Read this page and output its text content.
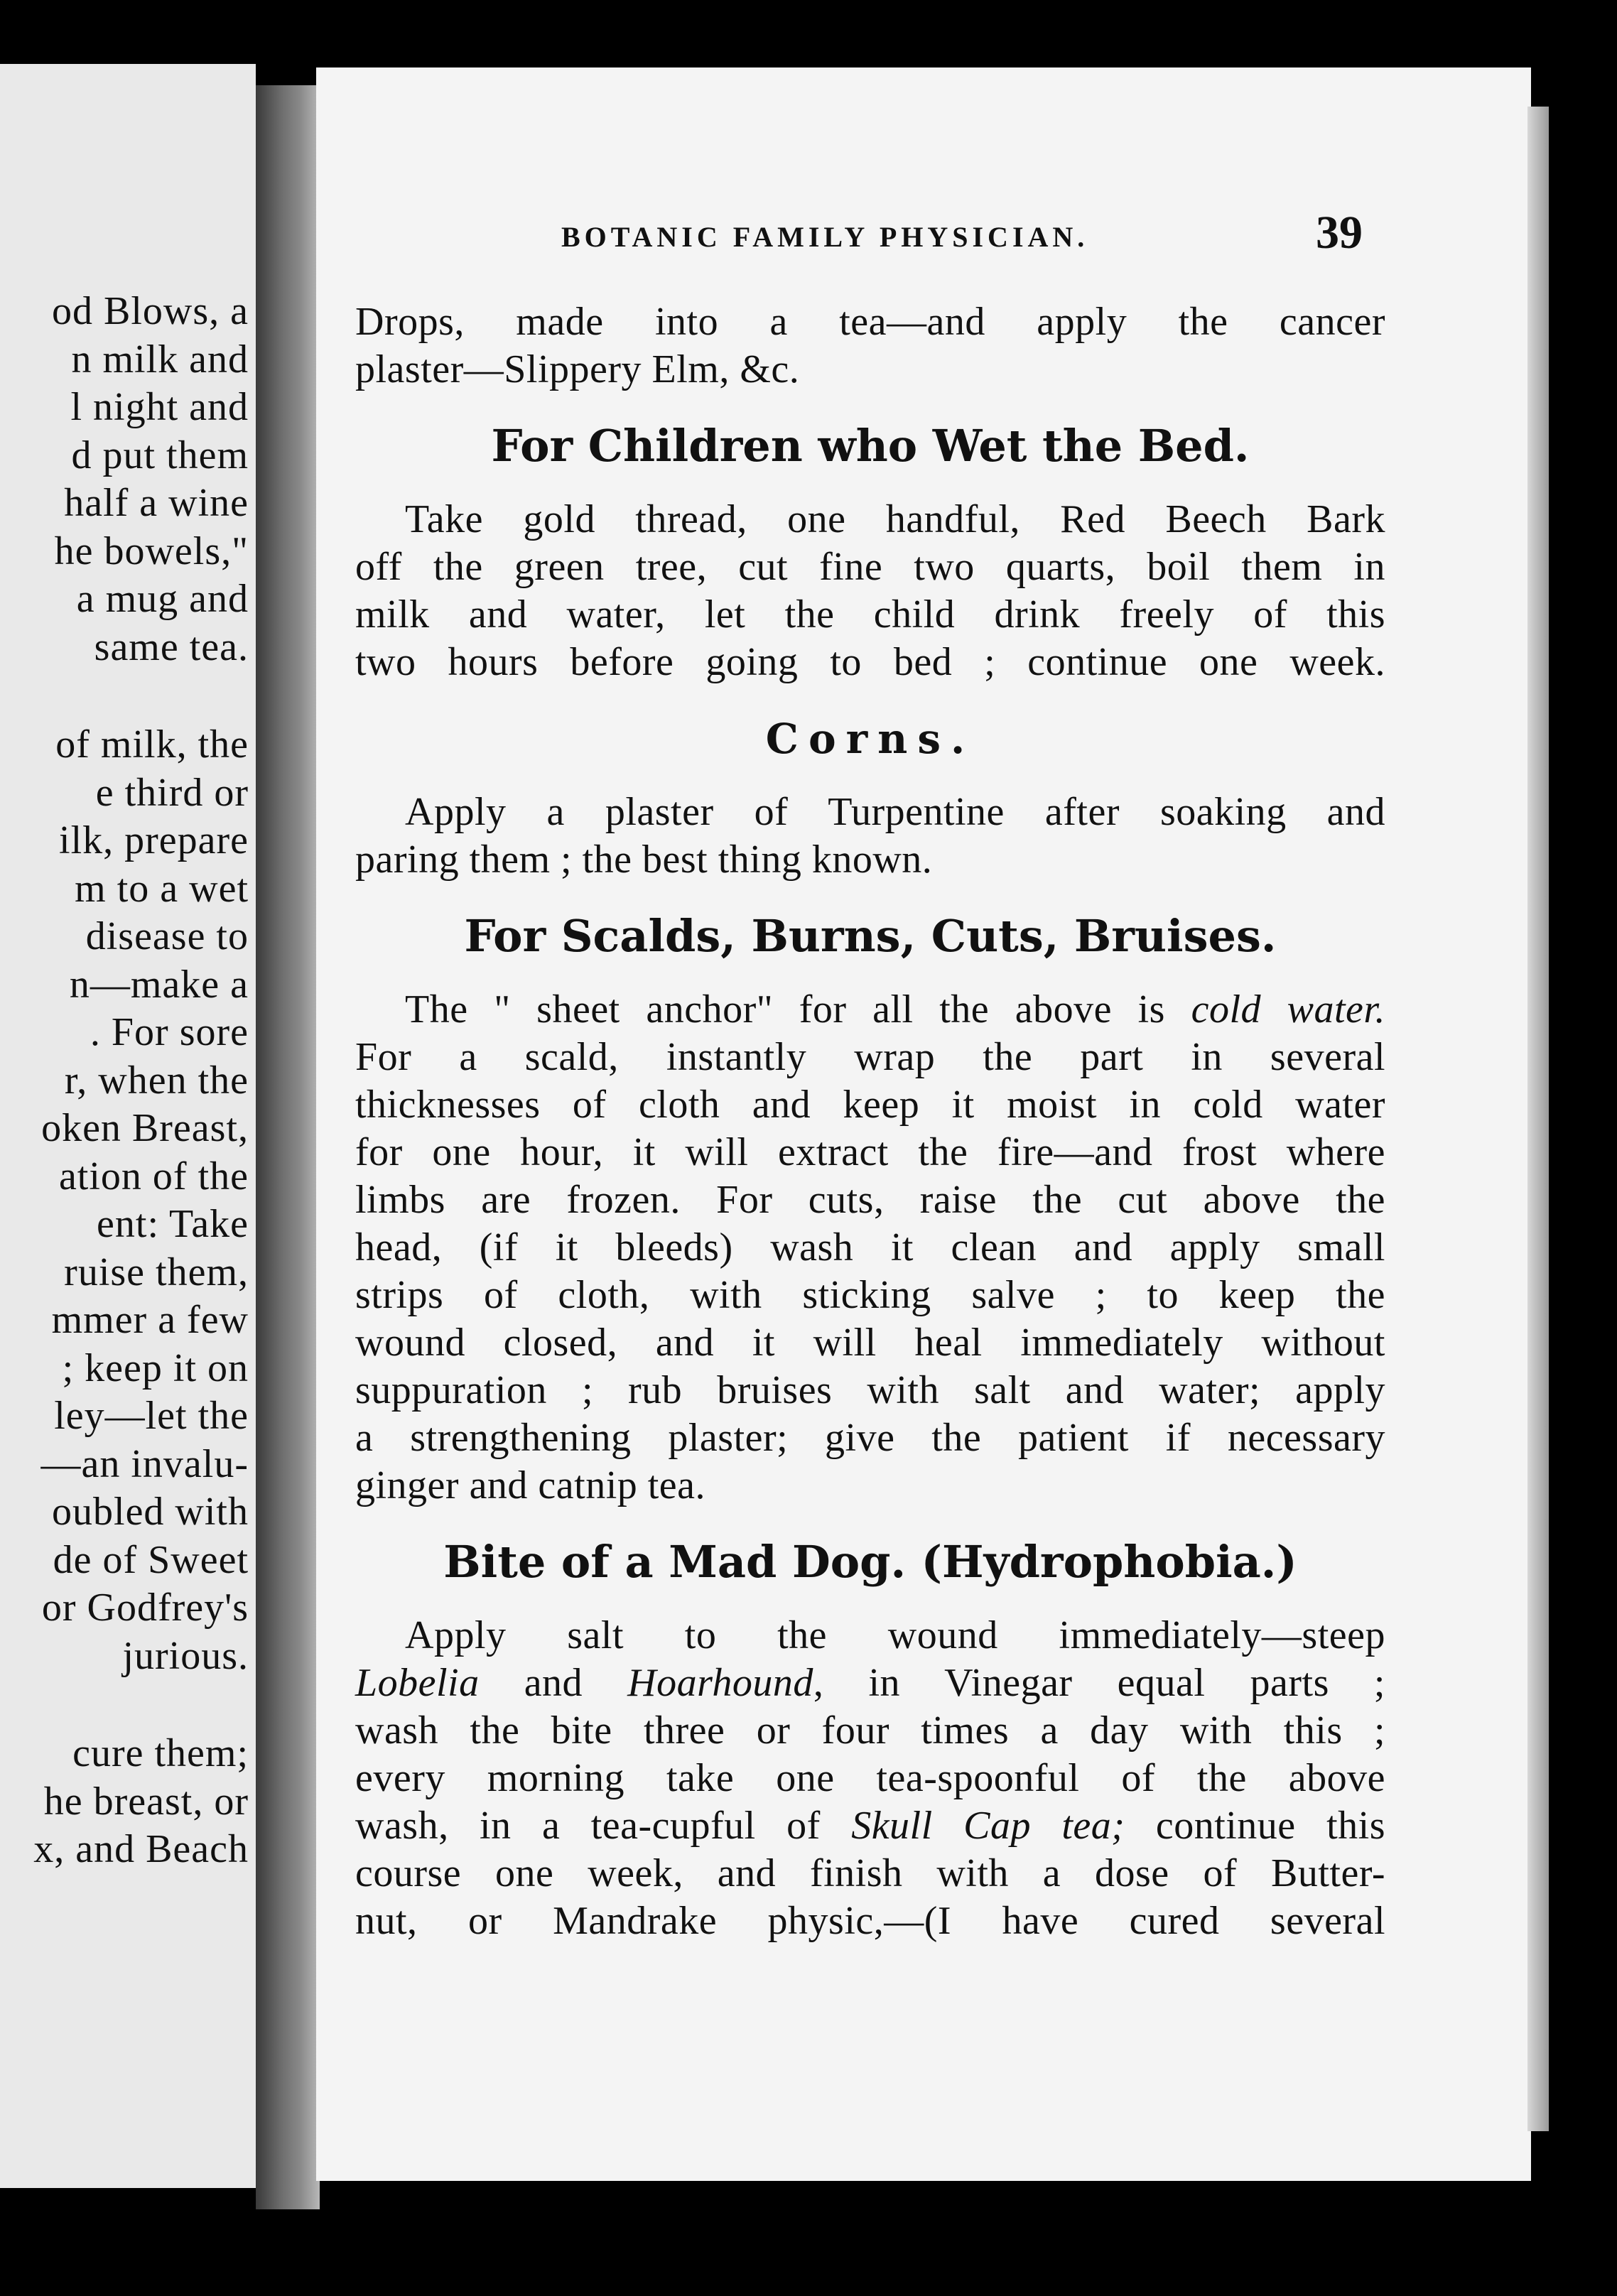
od Blows, a
n milk and
l night and
d put them
half a wine
he bowels,"
a mug and
same tea.
of milk, the
e third or
ilk, prepare
m to a wet
disease to
n—make a
. For sore
r, when the
oken Breast,
ation of the
ent: Take
ruise them,
mmer a few
; keep it on
ley—let the
—an invalu-
oubled with
de of Sweet
or Godfrey's
jurious.
cure them;
he breast, or
x, and Beach
BOTANIC FAMILY PHYSICIAN.	39
Drops, made into a tea—and apply the cancer
plaster—Slippery Elm, &c.
For Children who Wet the Bed.
Take gold thread, one handful, Red Beech Bark
off the green tree, cut fine two quarts, boil them in
milk and water, let the child drink freely of this
two hours before going to bed ; continue one week.
Corns.
Apply a plaster of Turpentine after soaking and
paring them ; the best thing known.
For Scalds, Burns, Cuts, Bruises.
The " sheet anchor" for all the above is cold water.
For a scald, instantly wrap the part in several
thicknesses of cloth and keep it moist in cold water
for one hour, it will extract the fire—and frost where
limbs are frozen. For cuts, raise the cut above the
head, (if it bleeds) wash it clean and apply small
strips of cloth, with sticking salve ; to keep the
wound closed, and it will heal immediately without
suppuration ; rub bruises with salt and water; apply
a strengthening plaster; give the patient if necessary
ginger and catnip tea.
Bite of a Mad Dog. (Hydrophobia.)
Apply salt to the wound immediately—steep
Lobelia and Hoarhound, in Vinegar equal parts ;
wash the bite three or four times a day with this ;
every morning take one tea-spoonful of the above
wash, in a tea-cupful of Skull Cap tea; continue this
course one week, and finish with a dose of Butter-
nut, or Mandrake physic,—(I have cured several
